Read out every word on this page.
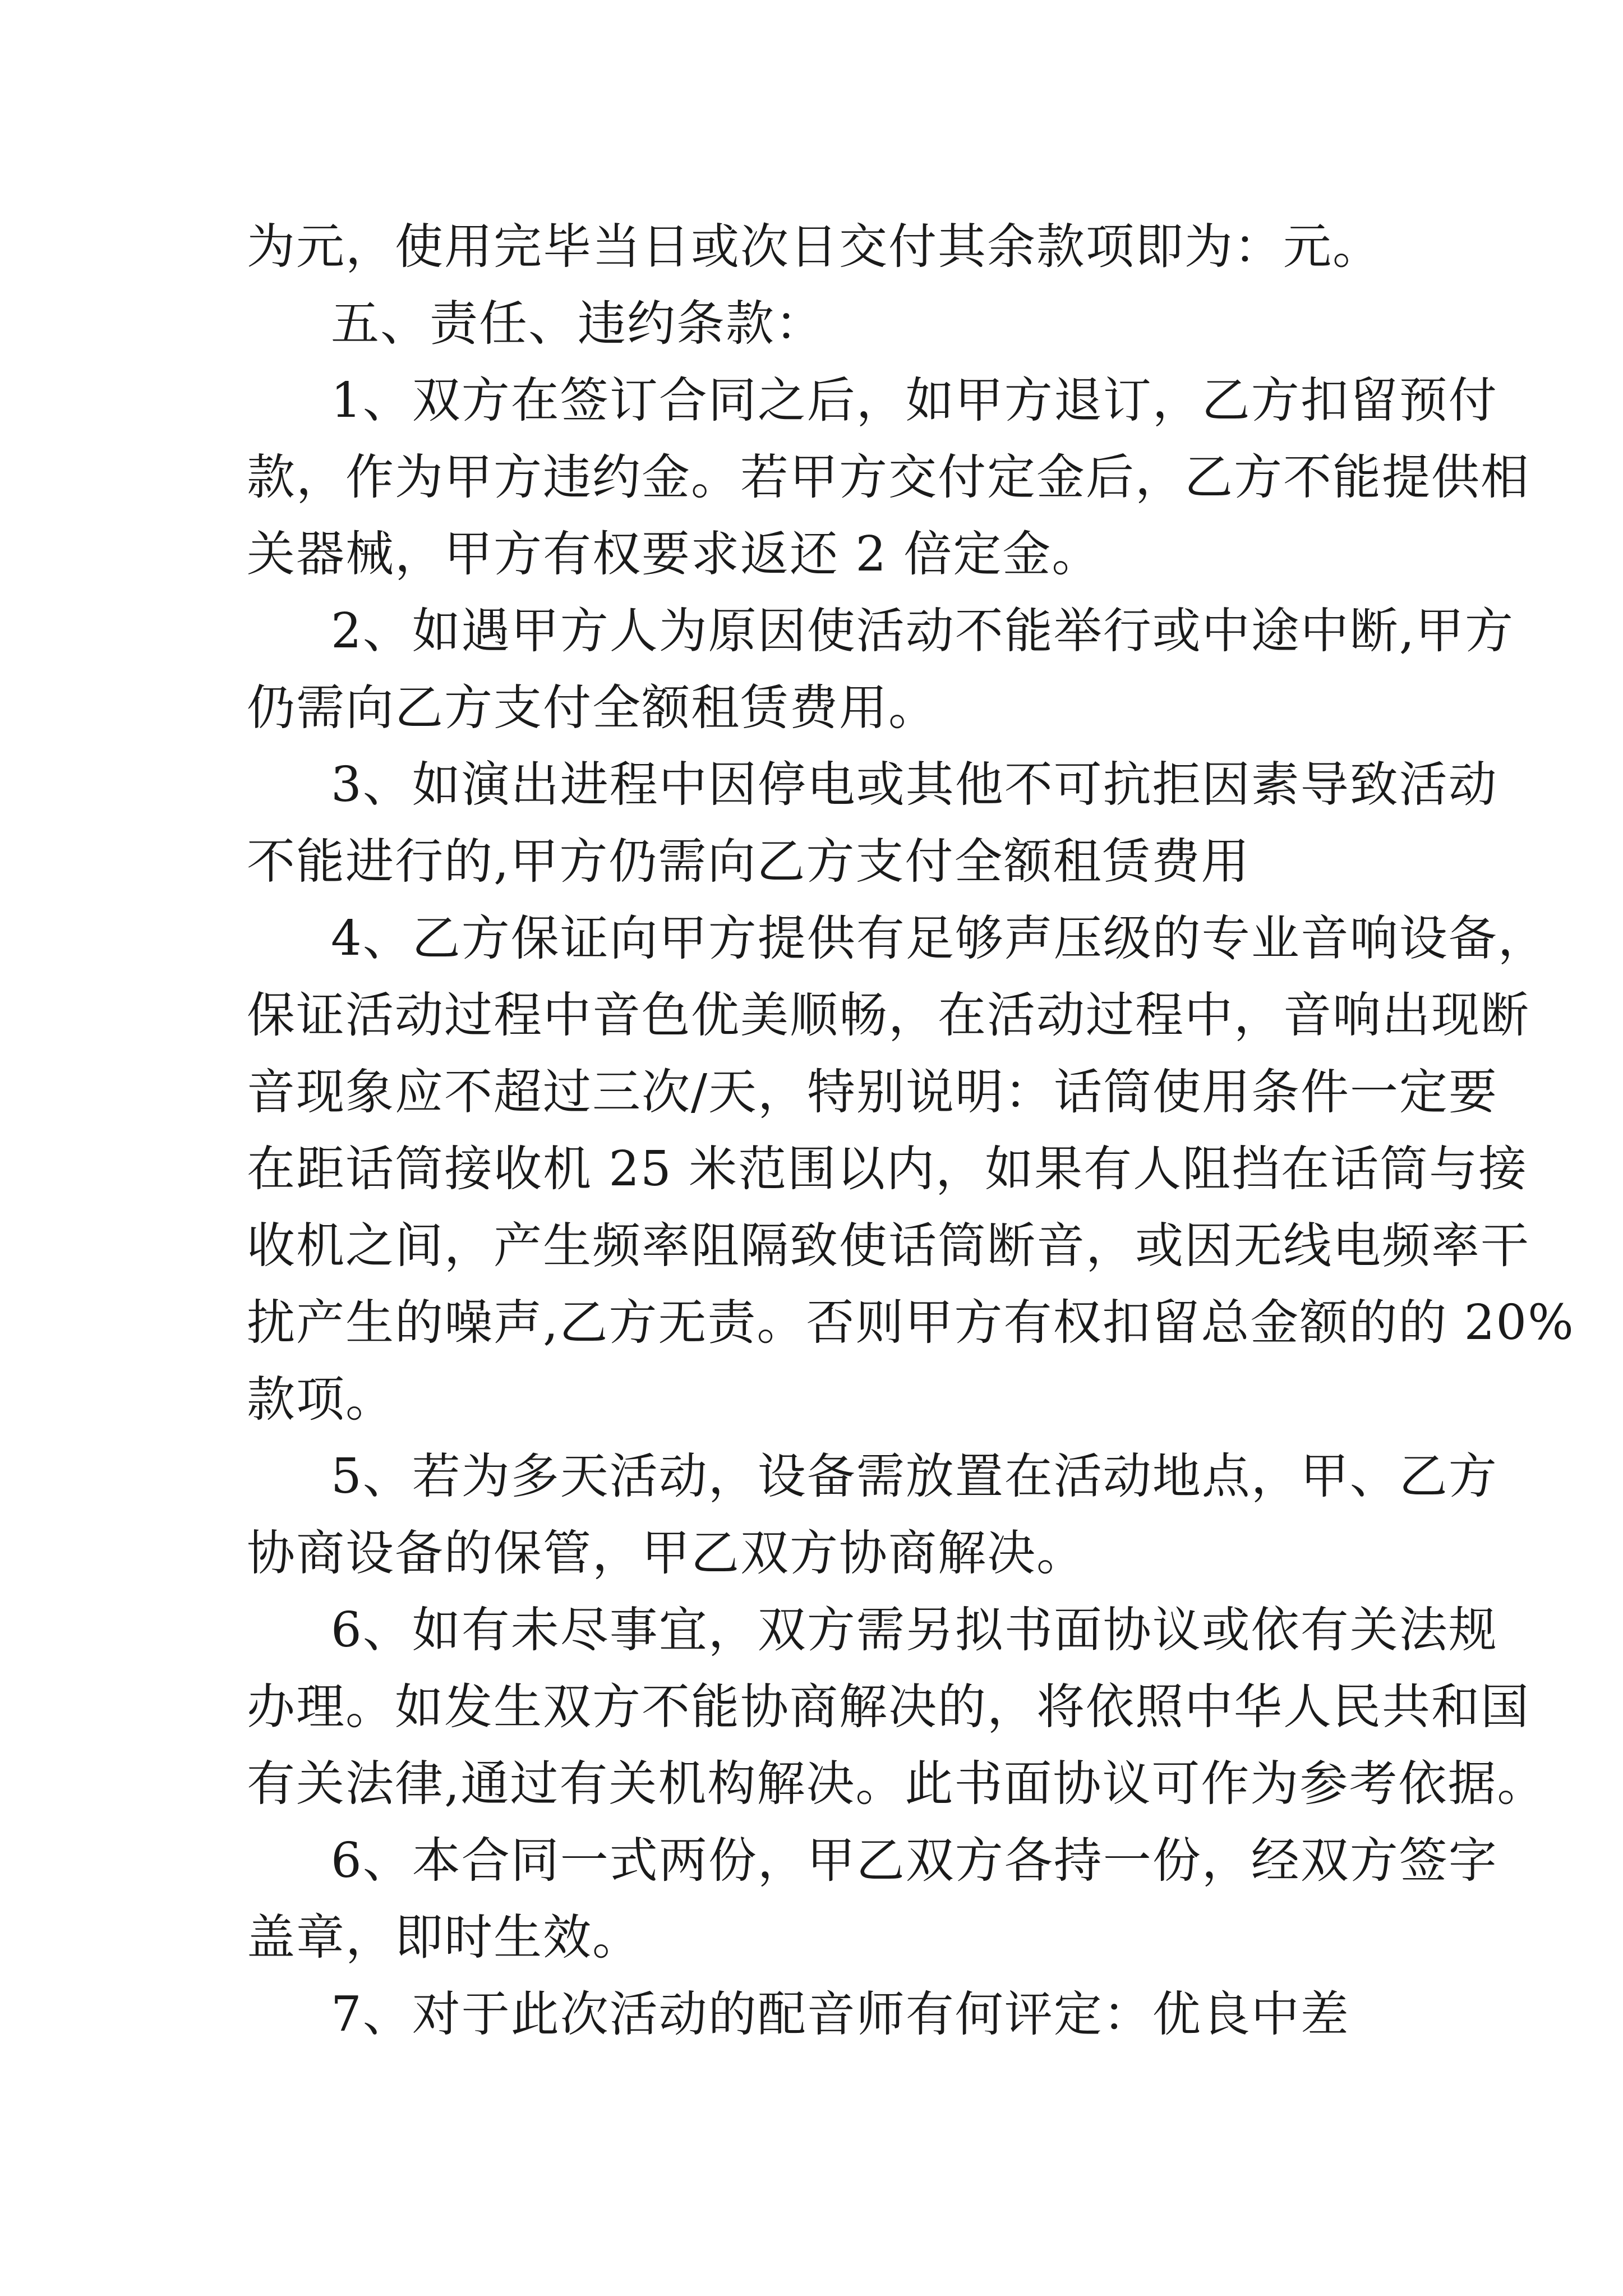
为元，使用完毕当日或次日交付其余款项即为：元。
五、责任、违约条款：
1、双方在签订合同之后，如甲方退订，乙方扣留预付
款，作为甲方违约金。若甲方交付定金后，乙方不能提供相
关器械，甲方有权要求返还 2 倍定金。
2、如遇甲方人为原因使活动不能举行或中途中断,甲方
仍需向乙方支付全额租赁费用。
3、如演出进程中因停电或其他不可抗拒因素导致活动
不能进行的,甲方仍需向乙方支付全额租赁费用
4、乙方保证向甲方提供有足够声压级的专业音响设备，
保证活动过程中音色优美顺畅，在活动过程中，音响出现断
音现象应不超过三次/天，特别说明：话筒使用条件一定要
在距话筒接收机 25 米范围以内，如果有人阻挡在话筒与接
收机之间，产生频率阻隔致使话筒断音，或因无线电频率干
扰产生的噪声,乙方无责。否则甲方有权扣留总金额的的 20%
款项。
5、若为多天活动，设备需放置在活动地点，甲、乙方
协商设备的保管，甲乙双方协商解决。
6、如有未尽事宜，双方需另拟书面协议或依有关法规
办理。如发生双方不能协商解决的，将依照中华人民共和国
有关法律,通过有关机构解决。此书面协议可作为参考依据。
6、本合同一式两份，甲乙双方各持一份，经双方签字
盖章，即时生效。
7、对于此次活动的配音师有何评定：优良中差
